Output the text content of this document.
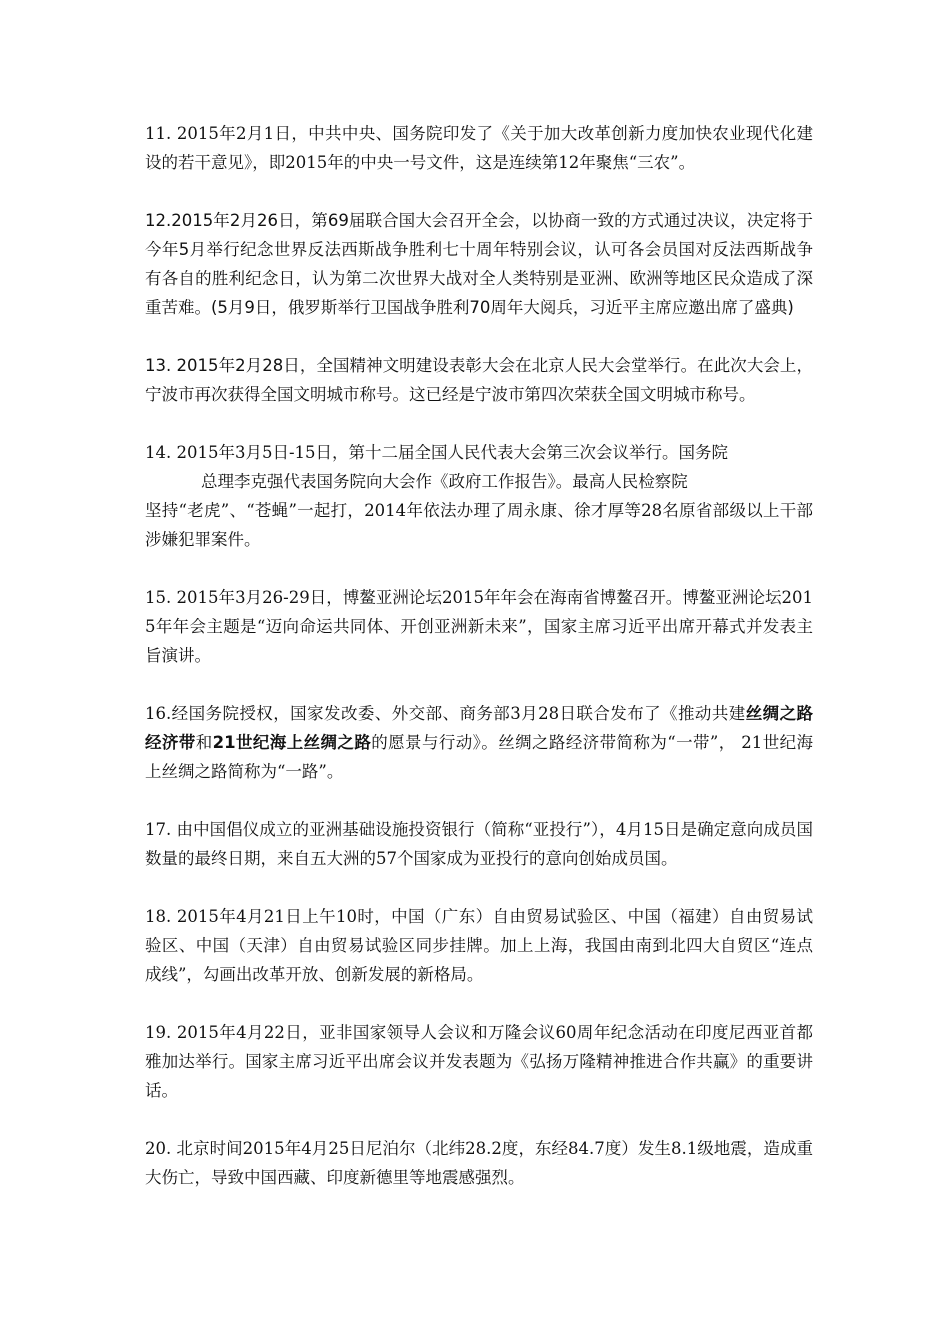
11. 2015年2月1日，中共中央、国务院印发了《关于加大改革创新力度加快农业现代化建设的若干意见》，即2015年的中央一号文件，这是连续第12年聚焦“三农”。

12.2015年2月26日，第69届联合国大会召开全会，以协商一致的方式通过决议，决定将于今年5月举行纪念世界反法西斯战争胜利七十周年特别会议，认可各会员国对反法西斯战争有各自的胜利纪念日，认为第二次世界大战对全人类特别是亚洲、欧洲等地区民众造成了深重苦难。(5月9日，俄罗斯举行卫国战争胜利70周年大阅兵，习近平主席应邀出席了盛典)

13. 2015年2月28日，全国精神文明建设表彰大会在北京人民大会堂举行。在此次大会上，宁波市再次获得全国文明城市称号。这已经是宁波市第四次荣获全国文明城市称号。

14. 2015年3月5日-15日，第十二届全国人民代表大会第三次会议举行。国务院
总理李克强代表国务院向大会作《政府工作报告》。最高人民检察院
坚持“老虎”、“苍蝇”一起打，2014年依法办理了周永康、徐才厚等28名原省部级以上干部涉嫌犯罪案件。

15. 2015年3月26-29日，博鳌亚洲论坛2015年年会在海南省博鳌召开。博鳌亚洲论坛2015年年会主题是“迈向命运共同体、开创亚洲新未来”，国家主席习近平出席开幕式并发表主旨演讲。

16.经国务院授权，国家发改委、外交部、商务部3月28日联合发布了《推动共建丝绸之路经济带和21世纪海上丝绸之路的愿景与行动》。丝绸之路经济带简称为“一带”， 21世纪海上丝绸之路简称为“一路”。

17. 由中国倡仪成立的亚洲基础设施投资银行（简称“亚投行”），4月15日是确定意向成员国数量的最终日期，来自五大洲的57个国家成为亚投行的意向创始成员国。

18. 2015年4月21日上午10时，中国（广东）自由贸易试验区、中国（福建）自由贸易试验区、中国（天津）自由贸易试验区同步挂牌。加上上海，我国由南到北四大自贸区“连点成线”，勾画出改革开放、创新发展的新格局。

19. 2015年4月22日，亚非国家领导人会议和万隆会议60周年纪念活动在印度尼西亚首都雅加达举行。国家主席习近平出席会议并发表题为《弘扬万隆精神推进合作共赢》的重要讲话。

20. 北京时间2015年4月25日尼泊尔（北纬28.2度，东经84.7度）发生8.1级地震，造成重大伤亡，导致中国西藏、印度新德里等地震感强烈。
